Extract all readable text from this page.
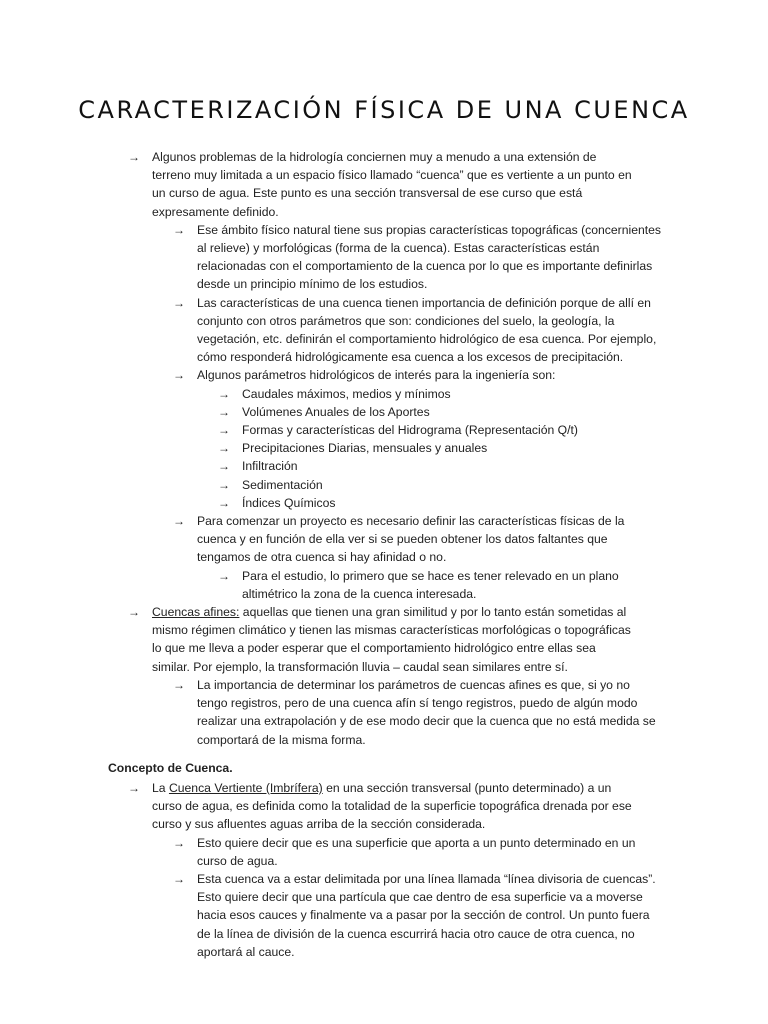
CARACTERIZACIÓN FÍSICA DE UNA CUENCA

→ Algunos problemas de la hidrología conciernen muy a menudo a una extensión de terreno muy limitada a un espacio físico llamado “cuenca” que es vertiente a un punto en un curso de agua. Este punto es una sección transversal de ese curso que está expresamente definido.

→ Ese ámbito físico natural tiene sus propias características topográficas (concernientes al relieve) y morfológicas (forma de la cuenca). Estas características están relacionadas con el comportamiento de la cuenca por lo que es importante definirlas desde un principio mínimo de los estudios.

→ Las características de una cuenca tienen importancia de definición porque de allí en conjunto con otros parámetros que son: condiciones del suelo, la geología, la vegetación, etc. definirán el comportamiento hidrológico de esa cuenca. Por ejemplo, cómo responderá hidrológicamente esa cuenca a los excesos de precipitación.

→ Algunos parámetros hidrológicos de interés para la ingeniería son:

→ Caudales máximos, medios y mínimos

→ Volúmenes Anuales de los Aportes

→ Formas y características del Hidrograma (Representación Q/t)

→ Precipitaciones Diarias, mensuales y anuales

→ Infiltración

→ Sedimentación

→ Índices Químicos

→ Para comenzar un proyecto es necesario definir las características físicas de la cuenca y en función de ella ver si se pueden obtener los datos faltantes que tengamos de otra cuenca si hay afinidad o no.

→ Para el estudio, lo primero que se hace es tener relevado en un plano altimétrico la zona de la cuenca interesada.

→ Cuencas afines: aquellas que tienen una gran similitud y por lo tanto están sometidas al mismo régimen climático y tienen las mismas características morfológicas o topográficas lo que me lleva a poder esperar que el comportamiento hidrológico entre ellas sea similar. Por ejemplo, la transformación lluvia – caudal sean similares entre sí.

→ La importancia de determinar los parámetros de cuencas afines es que, si yo no tengo registros, pero de una cuenca afín sí tengo registros, puedo de algún modo realizar una extrapolación y de ese modo decir que la cuenca que no está medida se comportará de la misma forma.

Concepto de Cuenca.

→ La Cuenca Vertiente (Imbrífera) en una sección transversal (punto determinado) a un curso de agua, es definida como la totalidad de la superficie topográfica drenada por ese curso y sus afluentes aguas arriba de la sección considerada.

→ Esto quiere decir que es una superficie que aporta a un punto determinado en un curso de agua.

→ Esta cuenca va a estar delimitada por una línea llamada “línea divisoria de cuencas”. Esto quiere decir que una partícula que cae dentro de esa superficie va a moverse hacia esos cauces y finalmente va a pasar por la sección de control. Un punto fuera de la línea de división de la cuenca escurrirá hacia otro cauce de otra cuenca, no aportará al cauce.
